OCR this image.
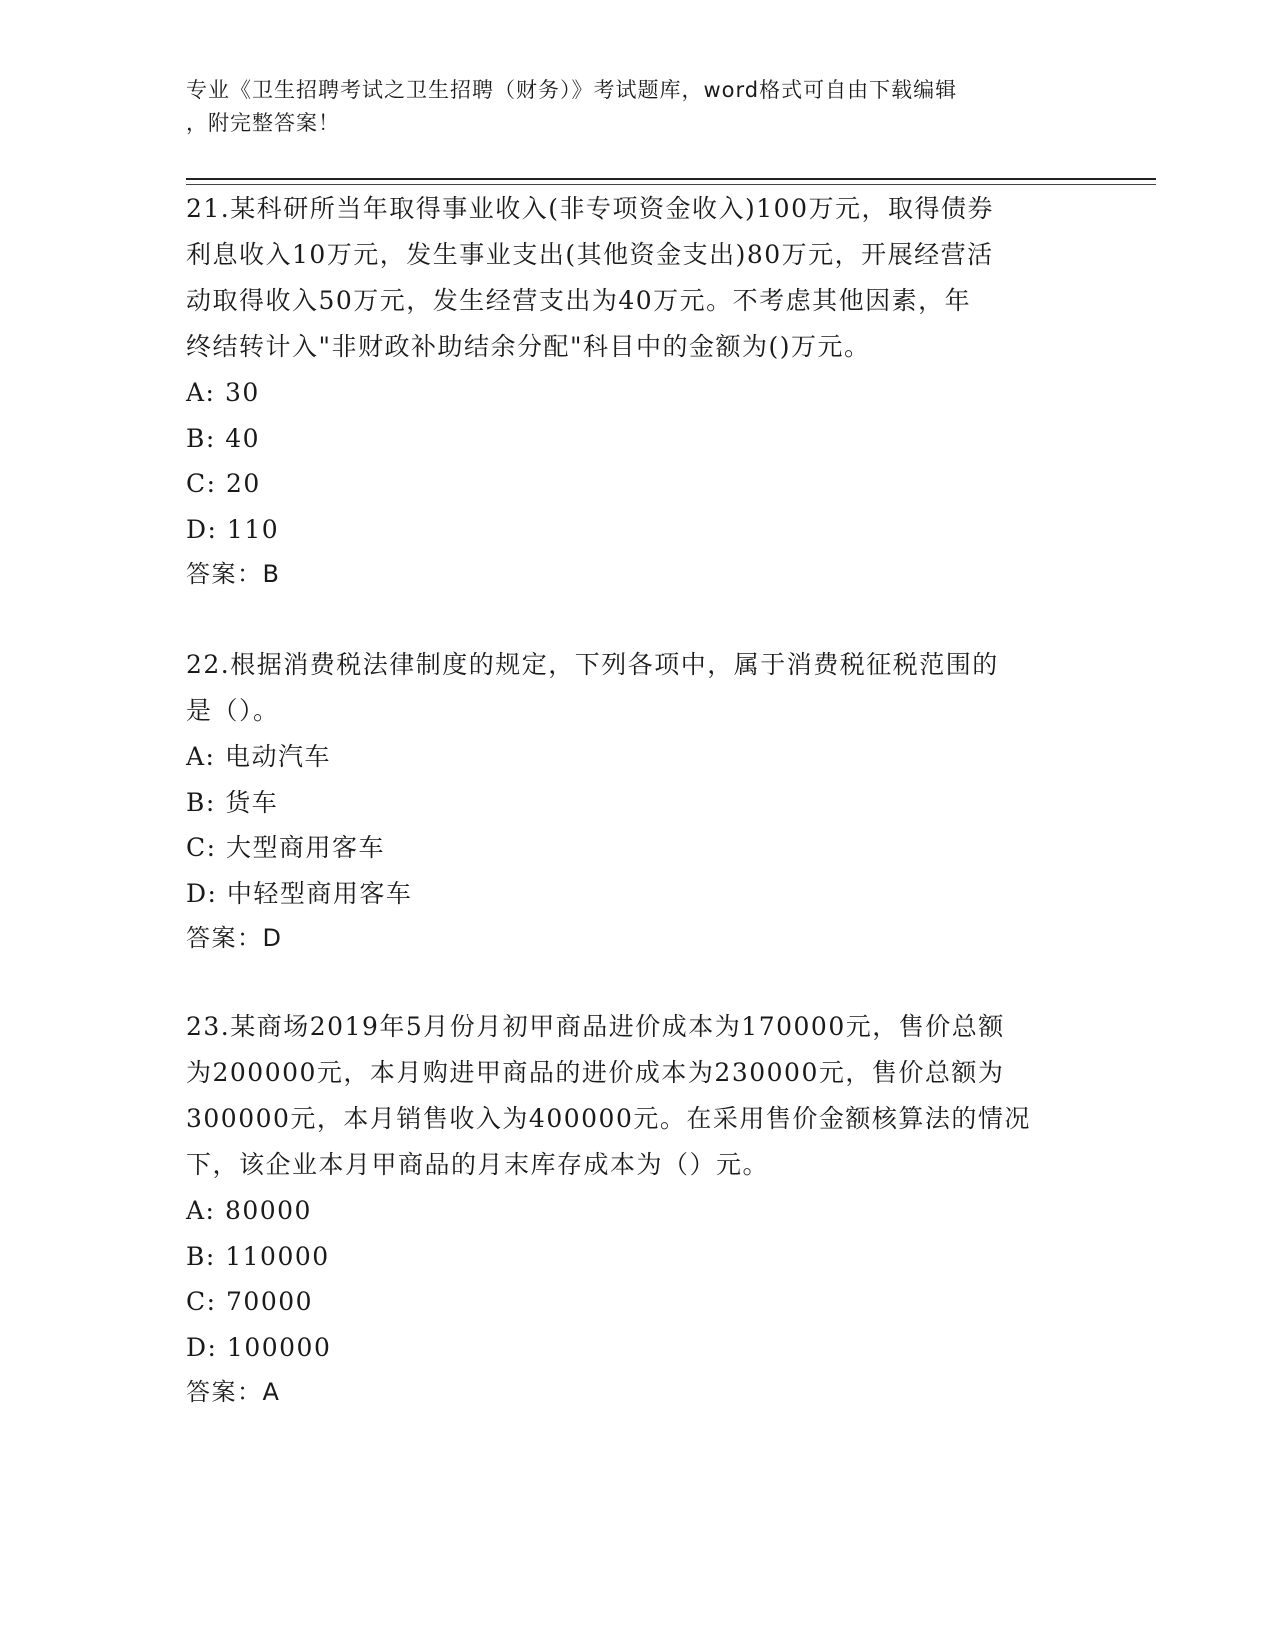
专业《卫生招聘考试之卫生招聘（财务）》考试题库，word格式可自由下载编辑
，附完整答案！

21.某科研所当年取得事业收入(非专项资金收入)100万元，取得债券

利息收入10万元，发生事业支出(其他资金支出)80万元，开展经营活

动取得收入50万元，发生经营支出为40万元。不考虑其他因素，年

终结转计入"非财政补助结余分配"科目中的金额为()万元。

A: 30

B: 40

C: 20

D: 110

答案：B

22.根据消费税法律制度的规定，下列各项中，属于消费税征税范围的

是（）。

A: 电动汽车

B: 货车

C: 大型商用客车

D: 中轻型商用客车

答案：D

23.某商场2019年5月份月初甲商品进价成本为170000元，售价总额

为200000元，本月购进甲商品的进价成本为230000元，售价总额为

300000元，本月销售收入为400000元。在采用售价金额核算法的情况

下，该企业本月甲商品的月末库存成本为（）元。

A: 80000

B: 110000

C: 70000

D: 100000

答案：A
